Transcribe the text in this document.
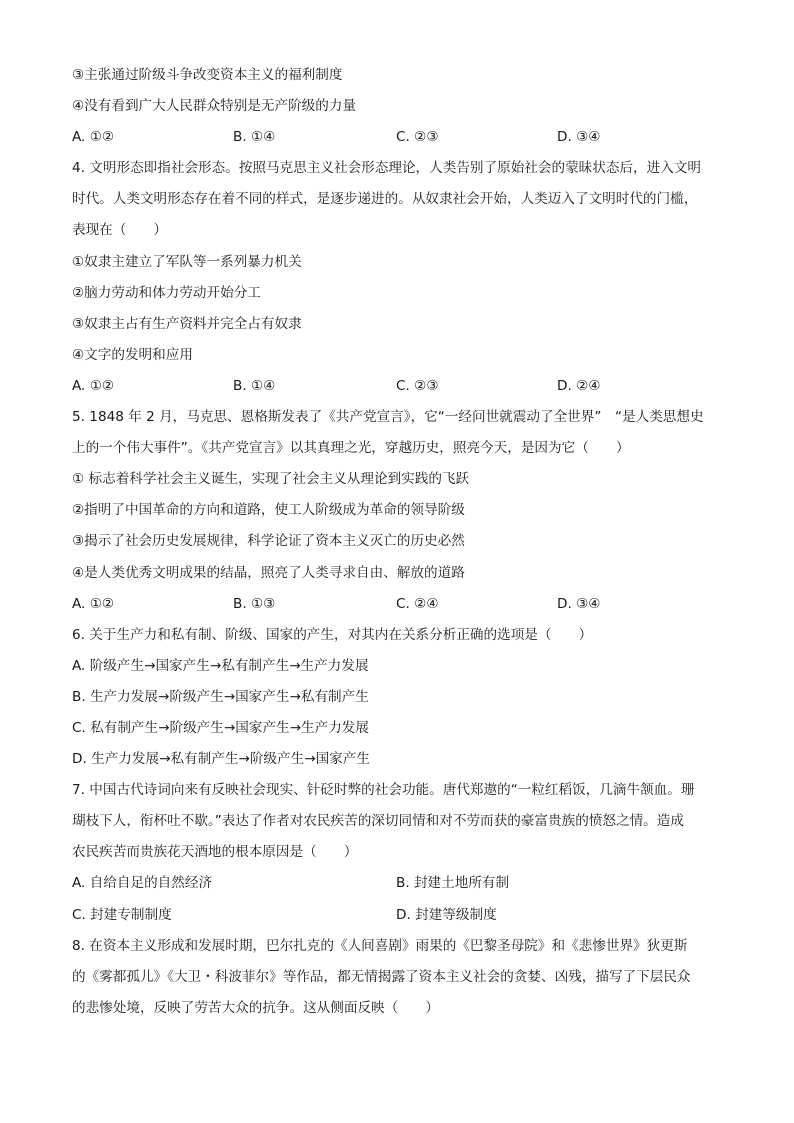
③主张通过阶级斗争改变资本主义的福利制度
④没有看到广大人民群众特别是无产阶级的力量
A. ①②	B. ①④	C. ②③	D. ③④
4. 文明形态即指社会形态。按照马克思主义社会形态理论，人类告别了原始社会的蒙昧状态后，进入文明
时代。人类文明形态存在着不同的样式，是逐步递进的。从奴隶社会开始，人类迈入了文明时代的门槛，
表现在（　　）
①奴隶主建立了军队等一系列暴力机关
②脑力劳动和体力劳动开始分工
③奴隶主占有生产资料并完全占有奴隶
④文字的发明和应用
A. ①②	B. ①④	C. ②③	D. ②④
5. 1848 年 2 月，马克思、恩格斯发表了《共产党宣言》，它“一经问世就震动了全世界”　“是人类思想史
上的一个伟大事件”。《共产党宣言》以其真理之光，穿越历史，照亮今天，是因为它（　　）
① 标志着科学社会主义诞生，实现了社会主义从理论到实践的飞跃
②指明了中国革命的方向和道路，使工人阶级成为革命的领导阶级
③揭示了社会历史发展规律，科学论证了资本主义灭亡的历史必然
④是人类优秀文明成果的结晶，照亮了人类寻求自由、解放的道路
A. ①②	B. ①③	C. ②④	D. ③④
6. 关于生产力和私有制、阶级、国家的产生，对其内在关系分析正确的选项是（　　）
A. 阶级产生→国家产生→私有制产生→生产力发展
B. 生产力发展→阶级产生→国家产生→私有制产生
C. 私有制产生→阶级产生→国家产生→生产力发展
D. 生产力发展→私有制产生→阶级产生→国家产生
7. 中国古代诗词向来有反映社会现实、针砭时弊的社会功能。唐代郑遨的“一粒红稻饭，几滴牛颔血。珊
瑚枝下人，衔杯吐不歇。”表达了作者对农民疾苦的深切同情和对不劳而获的豪富贵族的愤怒之情。造成
农民疾苦而贵族花天酒地的根本原因是（　　）
A. 自给自足的自然经济	B. 封建土地所有制
C. 封建专制制度	D. 封建等级制度
8. 在资本主义形成和发展时期，巴尔扎克的《人间喜剧》雨果的《巴黎圣母院》和《悲惨世界》狄更斯
的《雾都孤儿》《大卫・科波菲尔》等作品，都无情揭露了资本主义社会的贪婪、凶残，描写了下层民众
的悲惨处境，反映了劳苦大众的抗争。这从侧面反映（　　）
